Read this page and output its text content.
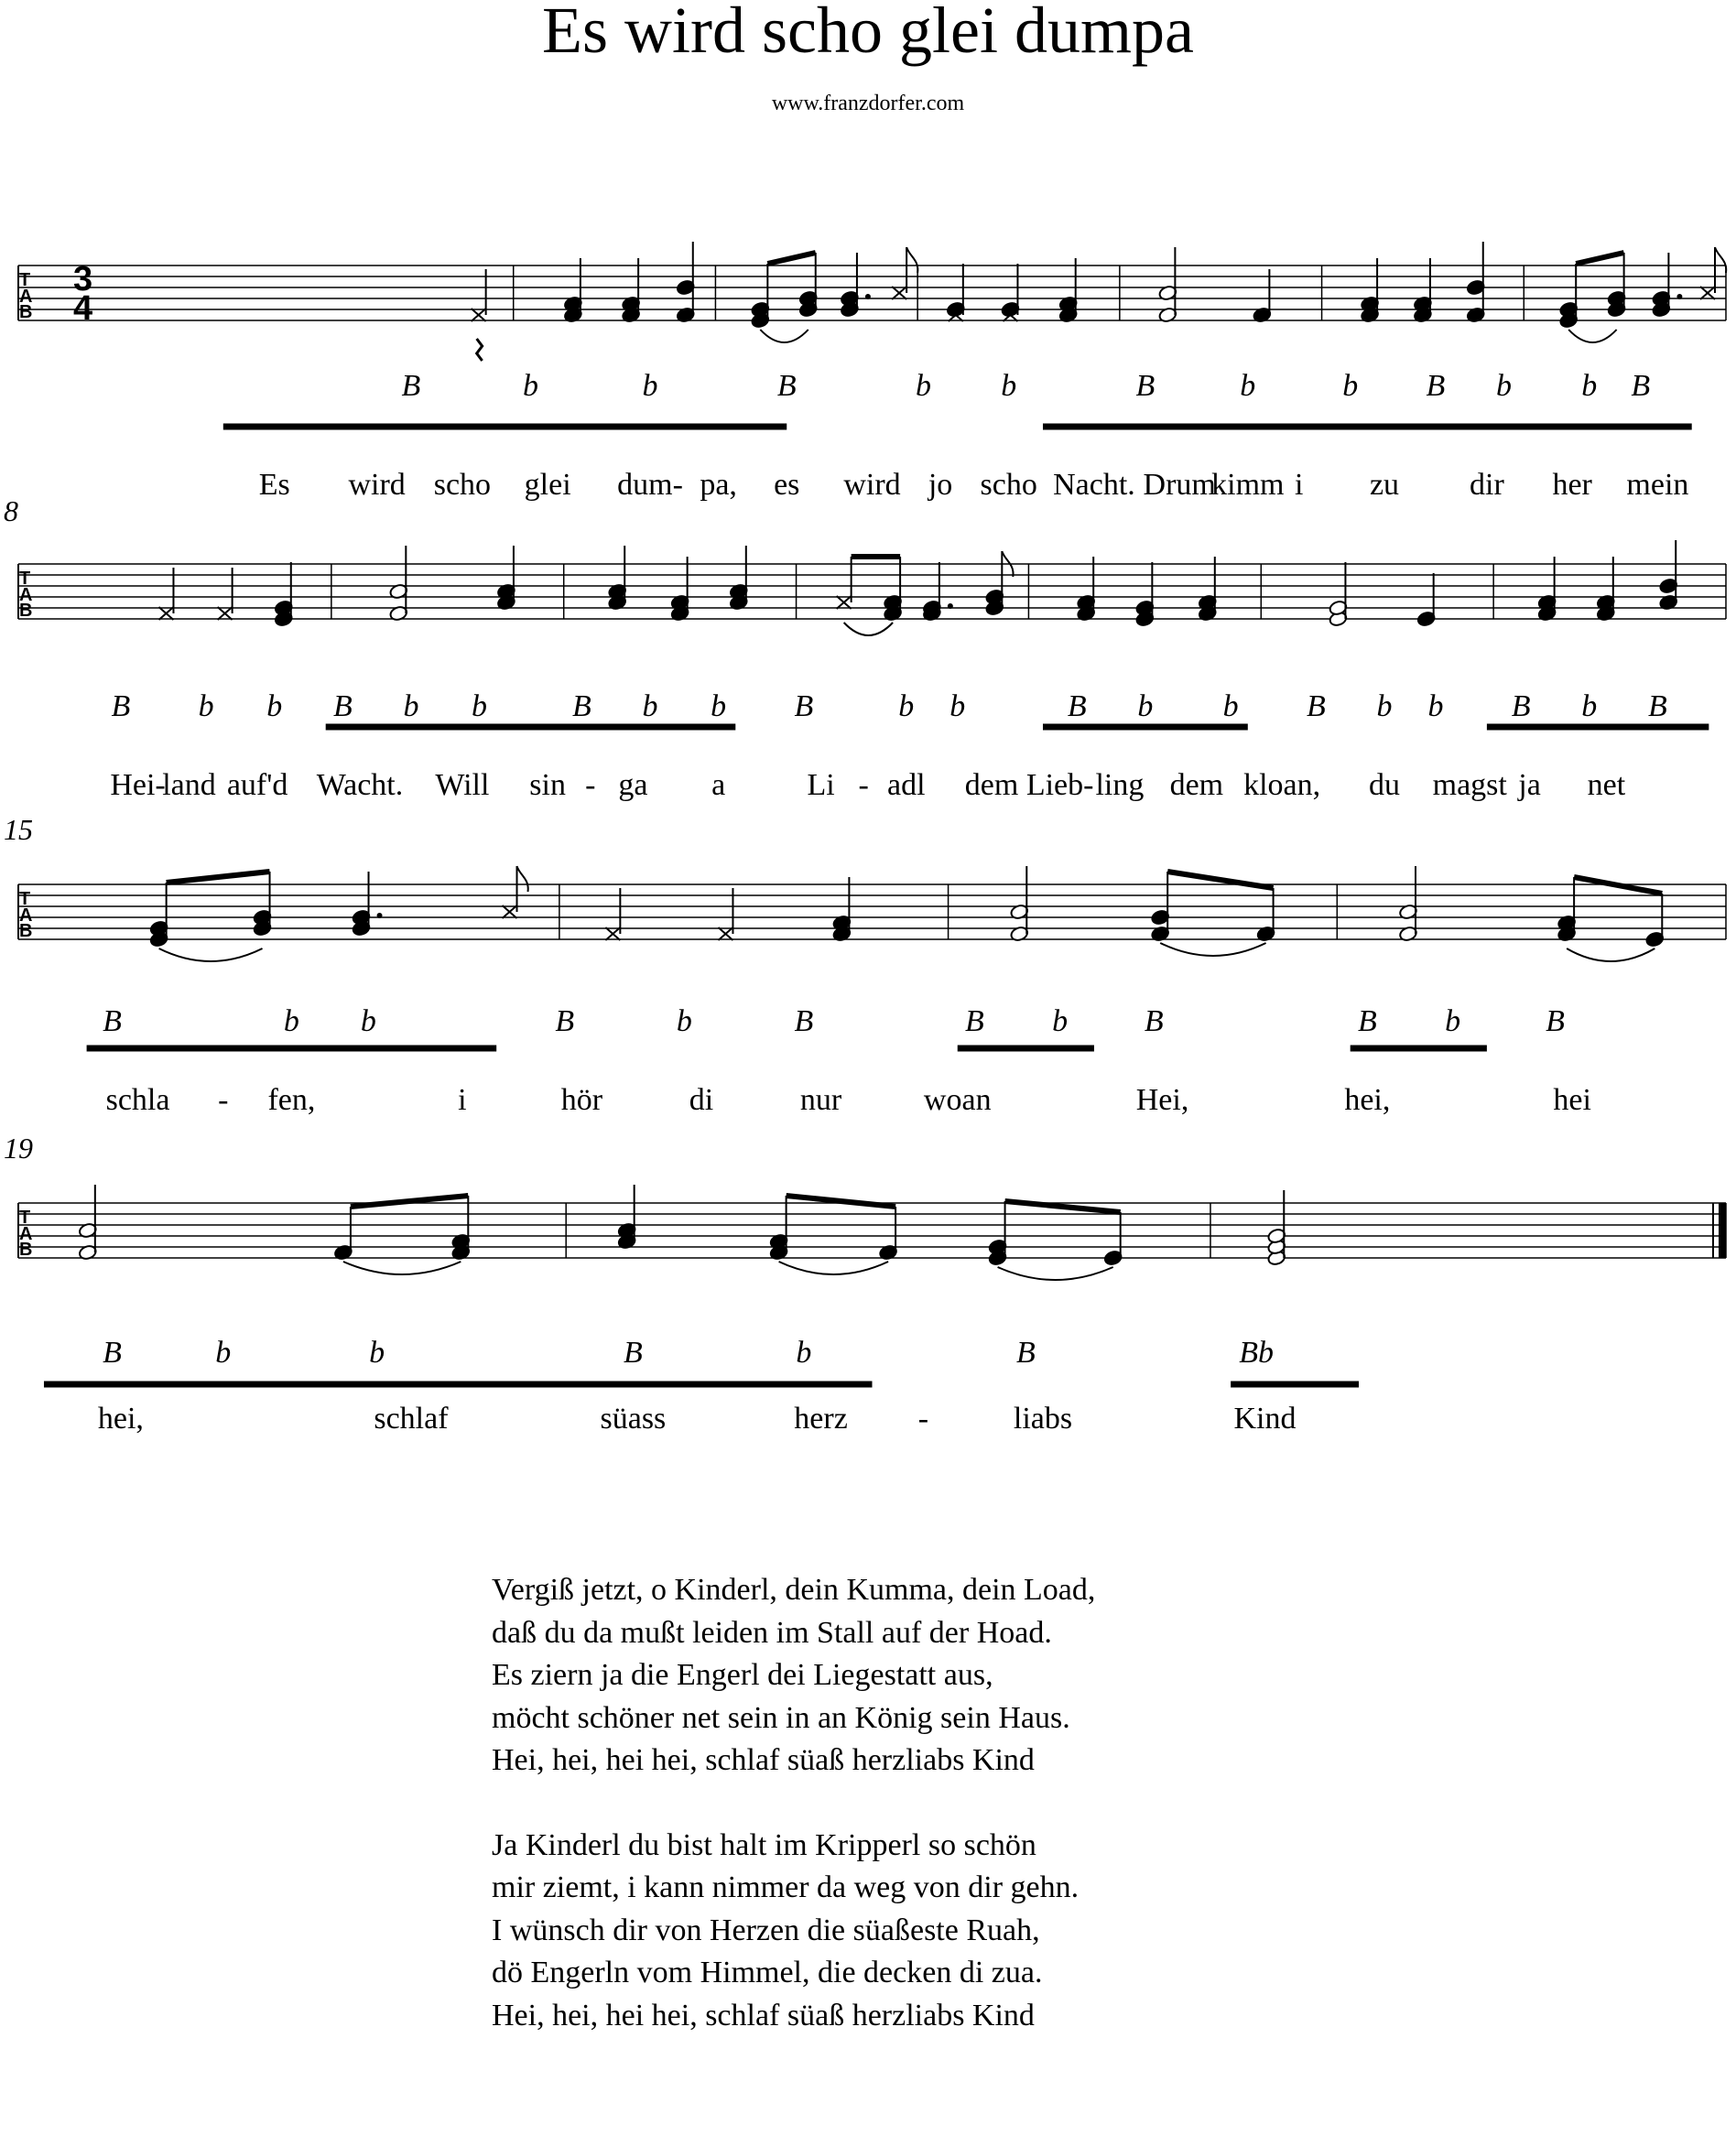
Es wird scho glei dumpa
www.franzdorfer.com
T
A
B
3
4
B	b	b	B	b b	B	b	b B b b B
Es wird scho glei dum- pa, es wird jo scho Nacht. Drum
kimm i zu dir her mein
T
A
B
B b b B b b	B b b B	b b	B b b B b b B b B
Hei-
land auf'd Wacht. Will sin - ga a	Li - adl dem Lieb- ling dem kloan, du magst ja net
T
A
B
B	b b	B	b	B	B b B	B b	B
schla - fen,	i	hör	di	nur	woan	Hei,	hei,	hei
T
A
B
B	b	b	B	b	B	Bb
hei,	schlaf	süass	herz -	liabs	Kind
8
15
19
Vergiß jetzt, o Kinderl, dein Kumma, dein Load,
daß du da mußt leiden im Stall auf der Hoad.
Es ziern ja die Engerl dei Liegestatt aus,
möcht schöner net sein in an König sein Haus.
Hei, hei, hei hei, schlaf süaß herzliabs Kind
Ja Kinderl du bist halt im Kripperl so schön
mir ziemt, i kann nimmer da weg von dir gehn.
I wünsch dir von Herzen die süaßeste Ruah,
dö Engerln vom Himmel, die decken di zua.
Hei, hei, hei hei, schlaf süaß herzliabs Kind
